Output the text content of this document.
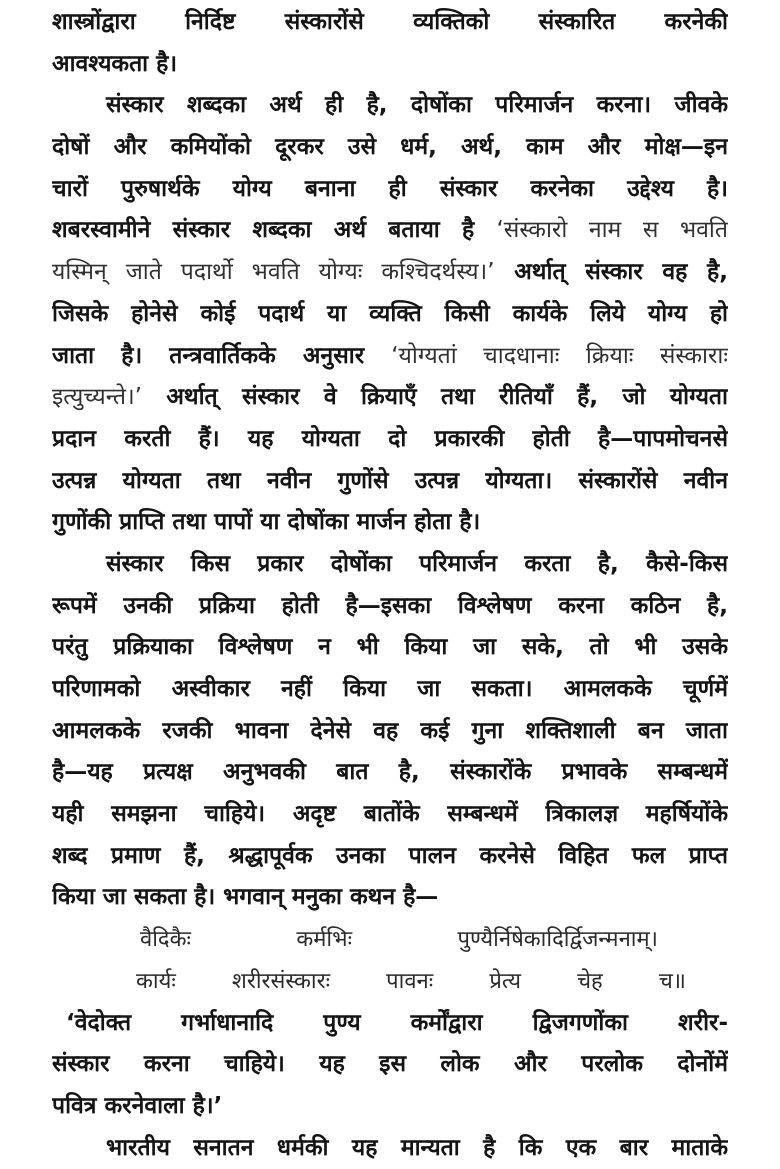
शास्त्रोंद्वारा निर्दिष्ट संस्कारोंसे व्यक्तिको संस्कारित करनेकी
आवश्यकता है।
संस्कार शब्दका अर्थ ही है, दोषोंका परिमार्जन करना। जीवके
दोषों और कमियोंको दूरकर उसे धर्म, अर्थ, काम और मोक्ष—इन
चारों पुरुषार्थके योग्य बनाना ही संस्कार करनेका उद्देश्य है।
शबरस्वामीने संस्कार शब्दका अर्थ बताया है ‘संस्कारो नाम स भवति
यस्मिन् जाते पदार्थो भवति योग्यः कश्चिदर्थस्य।’ अर्थात् संस्कार वह है,
जिसके होनेसे कोई पदार्थ या व्यक्ति किसी कार्यके लिये योग्य हो
जाता है। तन्त्रवार्तिकके अनुसार ‘योग्यतां चादधानाः क्रियाः संस्काराः
इत्युच्यन्ते।’ अर्थात् संस्कार वे क्रियाएँ तथा रीतियाँ हैं, जो योग्यता
प्रदान करती हैं। यह योग्यता दो प्रकारकी होती है—पापमोचनसे
उत्पन्न योग्यता तथा नवीन गुणोंसे उत्पन्न योग्यता। संस्कारोंसे नवीन
गुणोंकी प्राप्ति तथा पापों या दोषोंका मार्जन होता है।
संस्कार किस प्रकार दोषोंका परिमार्जन करता है, कैसे-किस
रूपमें उनकी प्रक्रिया होती है—इसका विश्लेषण करना कठिन है,
परंतु प्रक्रियाका विश्लेषण न भी किया जा सके, तो भी उसके
परिणामको अस्वीकार नहीं किया जा सकता। आमलकके चूर्णमें
आमलकके रजकी भावना देनेसे वह कई गुना शक्तिशाली बन जाता
है—यह प्रत्यक्ष अनुभवकी बात है, संस्कारोंके प्रभावके सम्बन्धमें
यही समझना चाहिये। अदृष्ट बातोंके सम्बन्धमें त्रिकालज्ञ महर्षियोंके
शब्द प्रमाण हैं, श्रद्धापूर्वक उनका पालन करनेसे विहित फल प्राप्त
किया जा सकता है। भगवान् मनुका कथन है—
वैदिकैः कर्मभिः पुण्यैर्निषेकादिर्द्विजन्मनाम्।
कार्यः शरीरसंस्कारः पावनः प्रेत्य चेह च॥
‘वेदोक्त गर्भाधानादि पुण्य कर्मोंद्वारा द्विजगणोंका शरीर-
संस्कार करना चाहिये। यह इस लोक और परलोक दोनोंमें
पवित्र करनेवाला है।’
भारतीय सनातन धर्मकी यह मान्यता है कि एक बार माताके
